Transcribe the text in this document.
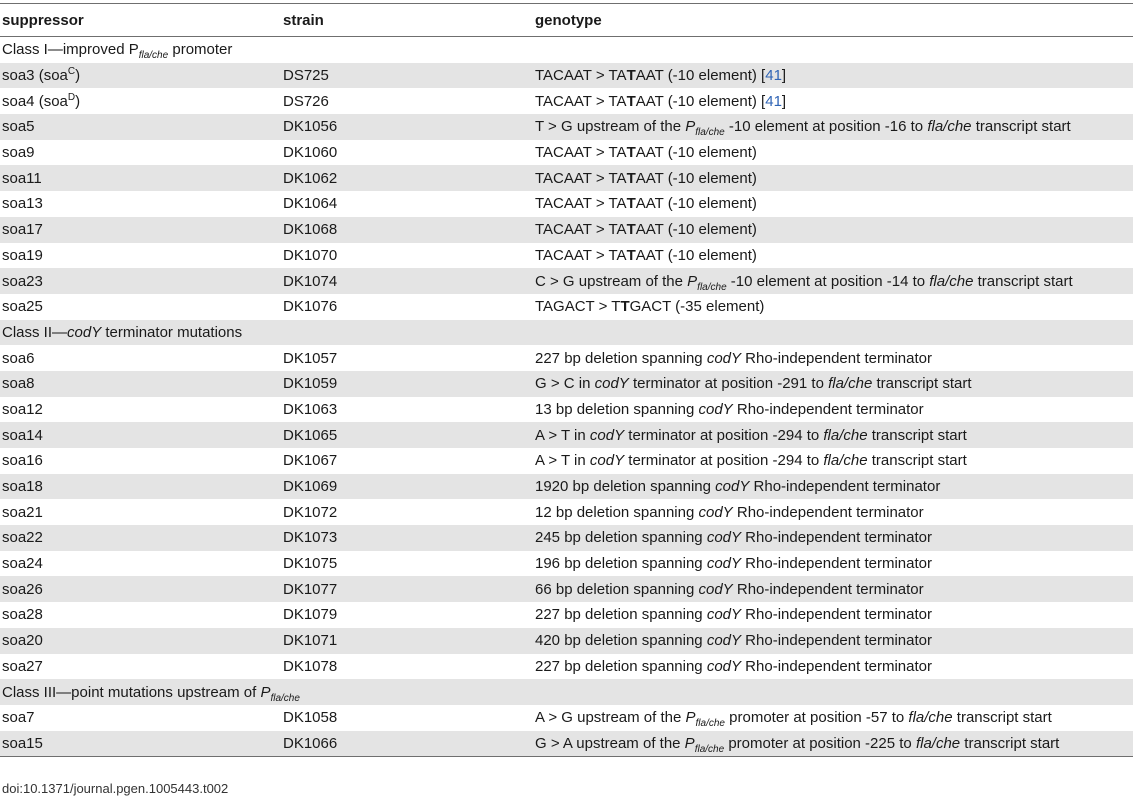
suppressor	strain	genotype
Class I—improved $P_{fla/che}$ promoter		
soa3 (soa$^C$)	DS725	TACAAT > TATAAT (-10 element) [41]
soa4 (soa$^D$)	DS726	TACAAT > TATAAT (-10 element) [41]
soa5	DK1056	T > G upstream of the $P_{fla/che}$ -10 element at position -16 to fla/che transcript start
soa9	DK1060	TACAAT > TATAAT (-10 element)
soa11	DK1062	TACAAT > TATAAT (-10 element)
soa13	DK1064	TACAAT > TATAAT (-10 element)
soa17	DK1068	TACAAT > TATAAT (-10 element)
soa19	DK1070	TACAAT > TATAAT (-10 element)
soa23	DK1074	C > G upstream of the $P_{fla/che}$ -10 element at position -14 to fla/che transcript start
soa25	DK1076	TAGACT > TTGACT (-35 element)
Class II—codY terminator mutations		
soa6	DK1057	227 bp deletion spanning codY Rho-independent terminator
soa8	DK1059	G > C in codY terminator at position -291 to fla/che transcript start
soa12	DK1063	13 bp deletion spanning codY Rho-independent terminator
soa14	DK1065	A > T in codY terminator at position -294 to fla/che transcript start
soa16	DK1067	A > T in codY terminator at position -294 to fla/che transcript start
soa18	DK1069	1920 bp deletion spanning codY Rho-independent terminator
soa21	DK1072	12 bp deletion spanning codY Rho-independent terminator
soa22	DK1073	245 bp deletion spanning codY Rho-independent terminator
soa24	DK1075	196 bp deletion spanning codY Rho-independent terminator
soa26	DK1077	66 bp deletion spanning codY Rho-independent terminator
soa28	DK1079	227 bp deletion spanning codY Rho-independent terminator
soa20	DK1071	420 bp deletion spanning codY Rho-independent terminator
soa27	DK1078	227 bp deletion spanning codY Rho-independent terminator
Class III—point mutations upstream of $P_{fla/che}$
soa7	DK1058	A > G upstream of the $P_{fla/che}$ promoter at position -57 to fla/che transcript start
soa15	DK1066	G > A upstream of the $P_{fla/che}$ promoter at position -225 to fla/che transcript start
doi:10.1371/journal.pgen.1005443.t002
